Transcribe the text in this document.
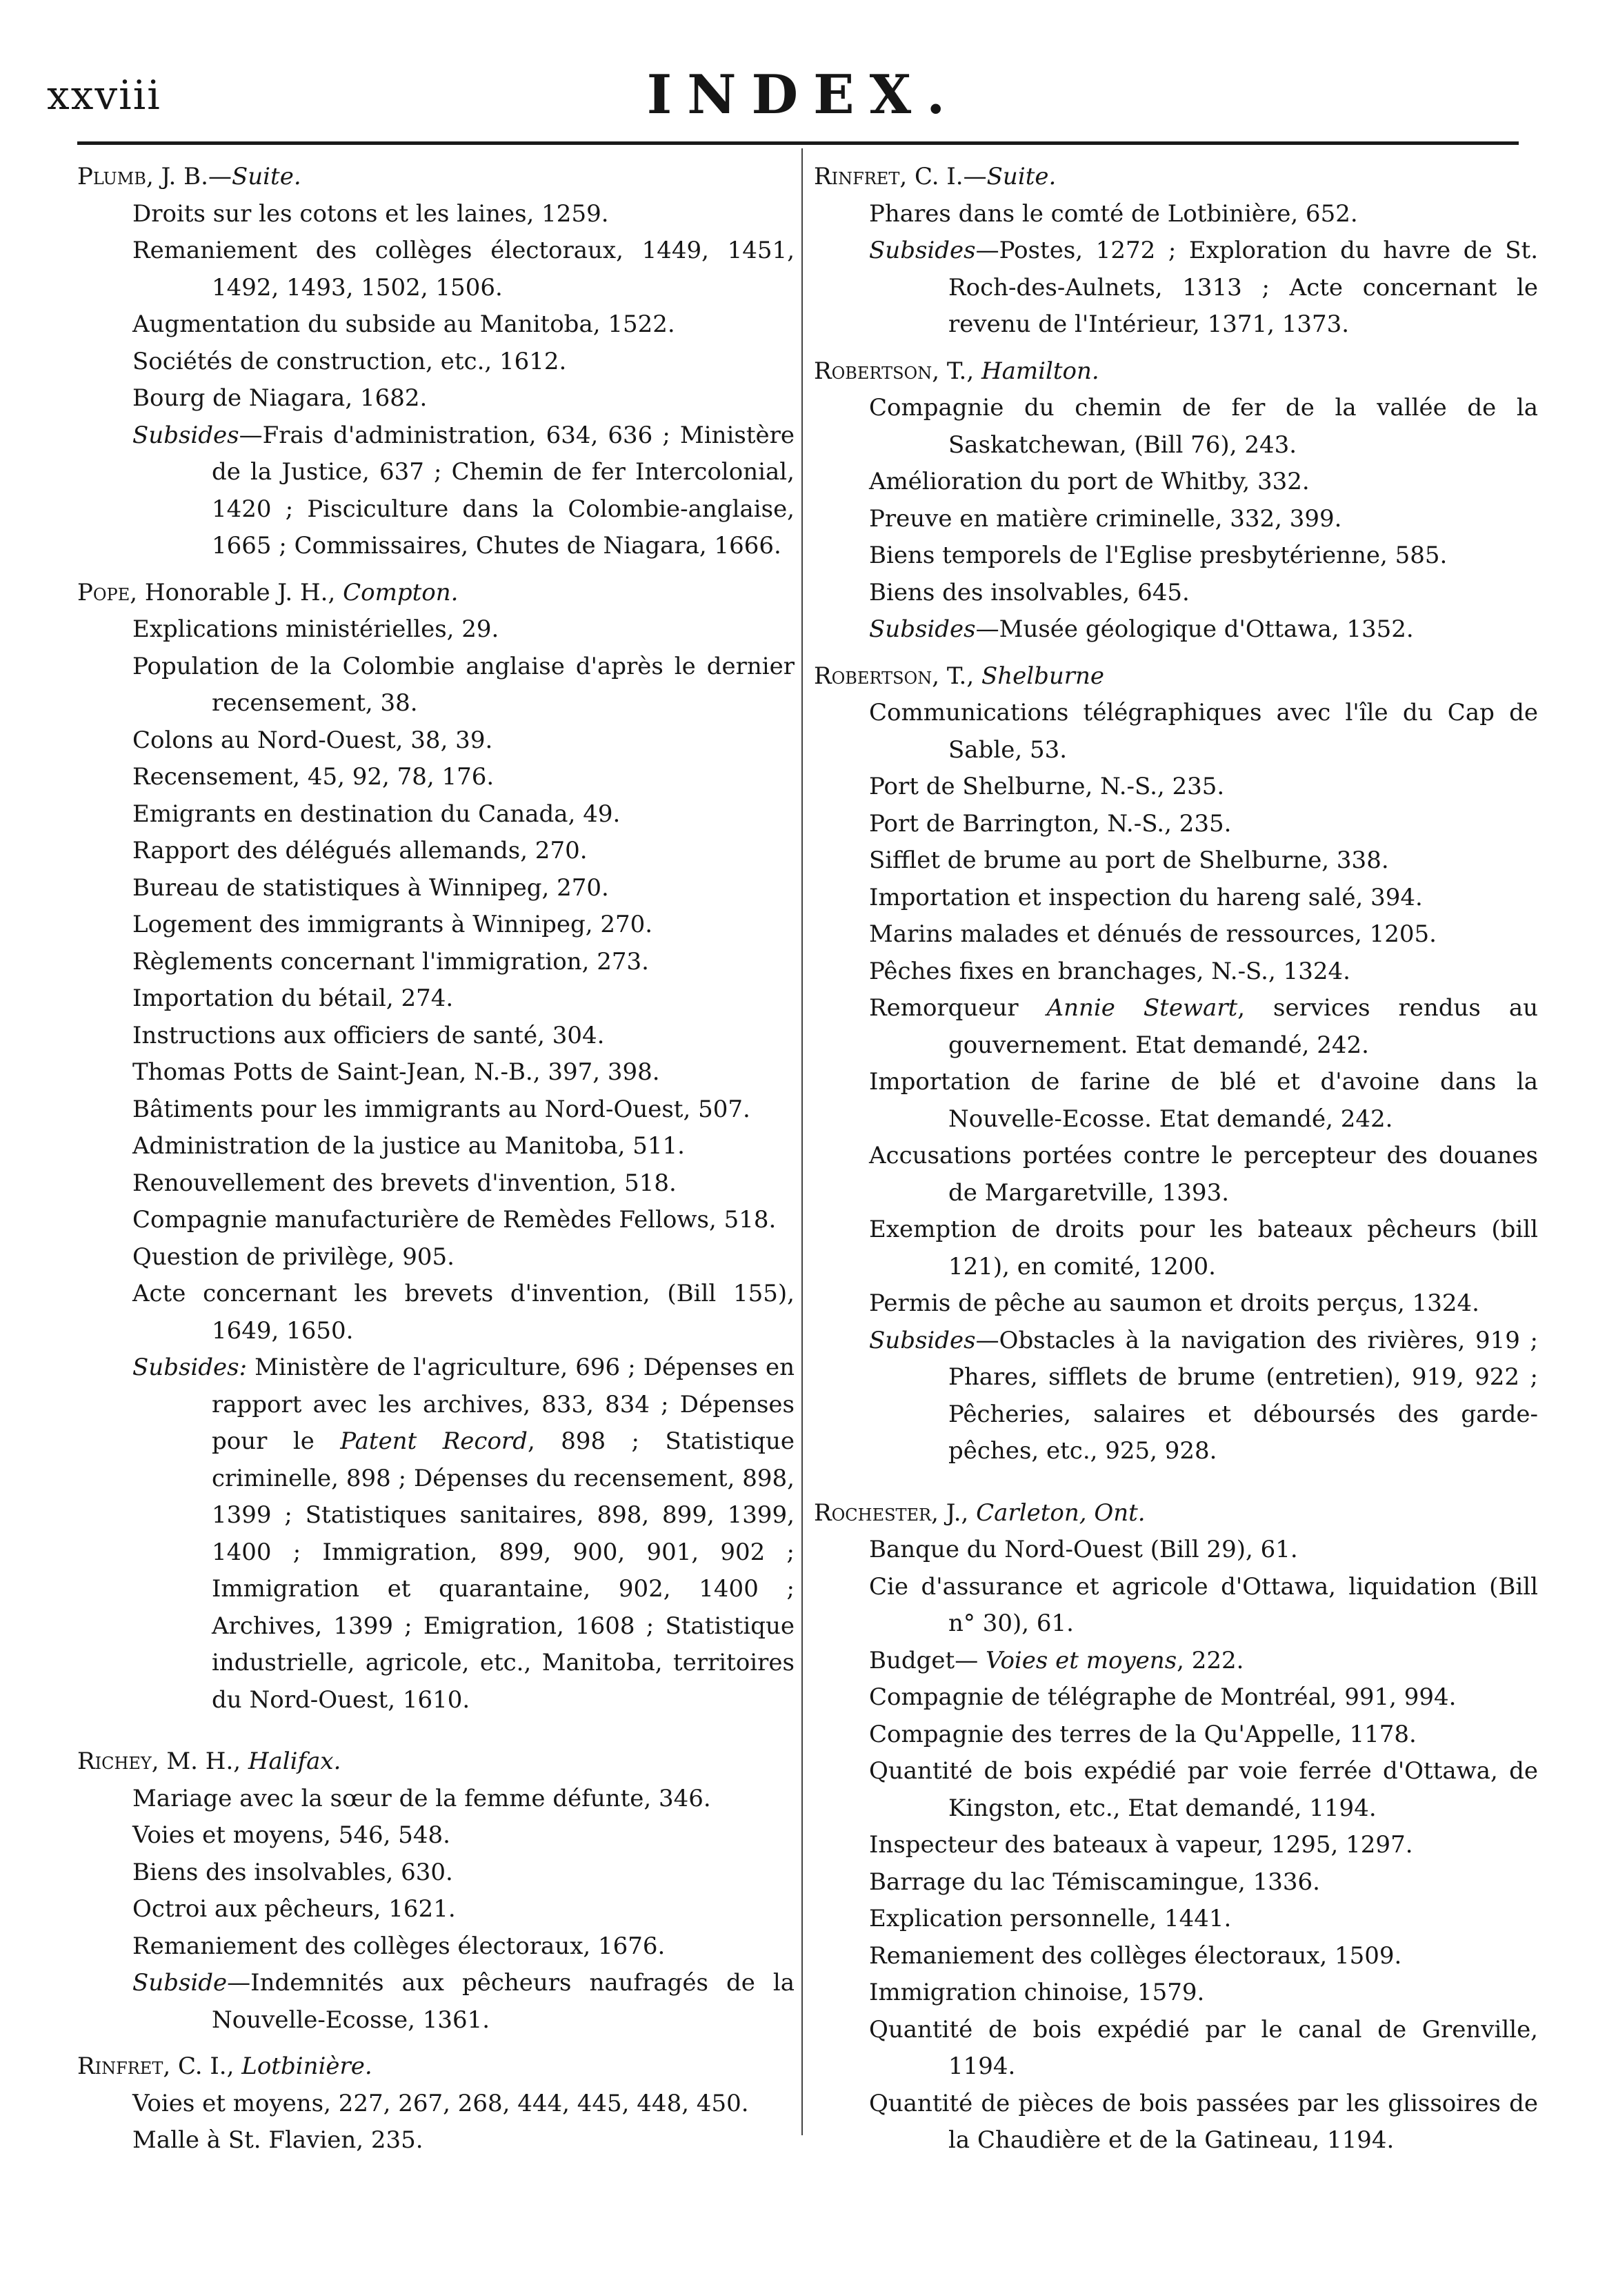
xxviii	INDEX.
Plumb, J. B.—Suite.
Droits sur les cotons et les laines, 1259.
Remaniement des collèges électoraux, 1449, 1451, 1492, 1493, 1502, 1506.
Augmentation du subside au Manitoba, 1522.
Sociétés de construction, etc., 1612.
Bourg de Niagara, 1682.
Subsides—Frais d'administration, 634, 636 ; Ministère de la Justice, 637 ; Chemin de fer Intercolonial, 1420 ; Pisciculture dans la Colombie-anglaise, 1665 ; Commissaires, Chutes de Niagara, 1666.
Pope, Honorable J. H., Compton.
Explications ministérielles, 29.
Population de la Colombie anglaise d'après le dernier recensement, 38.
Colons au Nord-Ouest, 38, 39.
Recensement, 45, 92, 78, 176.
Emigrants en destination du Canada, 49.
Rapport des délégués allemands, 270.
Bureau de statistiques à Winnipeg, 270.
Logement des immigrants à Winnipeg, 270.
Règlements concernant l'immigration, 273.
Importation du bétail, 274.
Instructions aux officiers de santé, 304.
Thomas Potts de Saint-Jean, N.-B., 397, 398.
Bâtiments pour les immigrants au Nord-Ouest, 507.
Administration de la justice au Manitoba, 511.
Renouvellement des brevets d'invention, 518.
Compagnie manufacturière de Remèdes Fellows, 518.
Question de privilège, 905.
Acte concernant les brevets d'invention, (Bill 155), 1649, 1650.
Subsides: Ministère de l'agriculture, 696 ; Dépenses en rapport avec les archives, 833, 834 ; Dépenses pour le Patent Record, 898 ; Statistique criminelle, 898 ; Dépenses du recensement, 898, 1399 ; Statistiques sanitaires, 898, 899, 1399, 1400 ; Immigration, 899, 900, 901, 902 ; Immigration et quarantaine, 902, 1400 ; Archives, 1399 ; Emigration, 1608 ; Statistique industrielle, agricole, etc., Manitoba, territoires du Nord-Ouest, 1610.
Richey, M. H., Halifax.
Mariage avec la sœur de la femme défunte, 346.
Voies et moyens, 546, 548.
Biens des insolvables, 630.
Octroi aux pêcheurs, 1621.
Remaniement des collèges électoraux, 1676.
Subside—Indemnités aux pêcheurs naufragés de la Nouvelle-Ecosse, 1361.
Rinfret, C. I., Lotbinière.
Voies et moyens, 227, 267, 268, 444, 445, 448, 450.
Malle à St. Flavien, 235.
Rinfret, C. I.—Suite.
Phares dans le comté de Lotbinière, 652.
Subsides—Postes, 1272 ; Exploration du havre de St. Roch-des-Aulnets, 1313 ; Acte concernant le revenu de l'Intérieur, 1371, 1373.
Robertson, T., Hamilton.
Compagnie du chemin de fer de la vallée de la Saskatchewan, (Bill 76), 243.
Amélioration du port de Whitby, 332.
Preuve en matière criminelle, 332, 399.
Biens temporels de l'Eglise presbytérienne, 585.
Biens des insolvables, 645.
Subsides—Musée géologique d'Ottawa, 1352.
Robertson, T., Shelburne
Communications télégraphiques avec l'île du Cap de Sable, 53.
Port de Shelburne, N.-S., 235.
Port de Barrington, N.-S., 235.
Sifflet de brume au port de Shelburne, 338.
Importation et inspection du hareng salé, 394.
Marins malades et dénués de ressources, 1205.
Pêches fixes en branchages, N.-S., 1324.
Remorqueur Annie Stewart, services rendus au gouvernement. Etat demandé, 242.
Importation de farine de blé et d'avoine dans la Nouvelle-Ecosse. Etat demandé, 242.
Accusations portées contre le percepteur des douanes de Margaretville, 1393.
Exemption de droits pour les bateaux pêcheurs (bill 121), en comité, 1200.
Permis de pêche au saumon et droits perçus, 1324.
Subsides—Obstacles à la navigation des rivières, 919 ; Phares, sifflets de brume (entretien), 919, 922 ; Pêcheries, salaires et déboursés des garde-pêches, etc., 925, 928.
Rochester, J., Carleton, Ont.
Banque du Nord-Ouest (Bill 29), 61.
Cie d'assurance et agricole d'Ottawa, liquidation (Bill n° 30), 61.
Budget— Voies et moyens, 222.
Compagnie de télégraphe de Montréal, 991, 994.
Compagnie des terres de la Qu'Appelle, 1178.
Quantité de bois expédié par voie ferrée d'Ottawa, de Kingston, etc., Etat demandé, 1194.
Inspecteur des bateaux à vapeur, 1295, 1297.
Barrage du lac Témiscamingue, 1336.
Explication personnelle, 1441.
Remaniement des collèges électoraux, 1509.
Immigration chinoise, 1579.
Quantité de bois expédié par le canal de Grenville, 1194.
Quantité de pièces de bois passées par les glissoires de la Chaudière et de la Gatineau, 1194.
